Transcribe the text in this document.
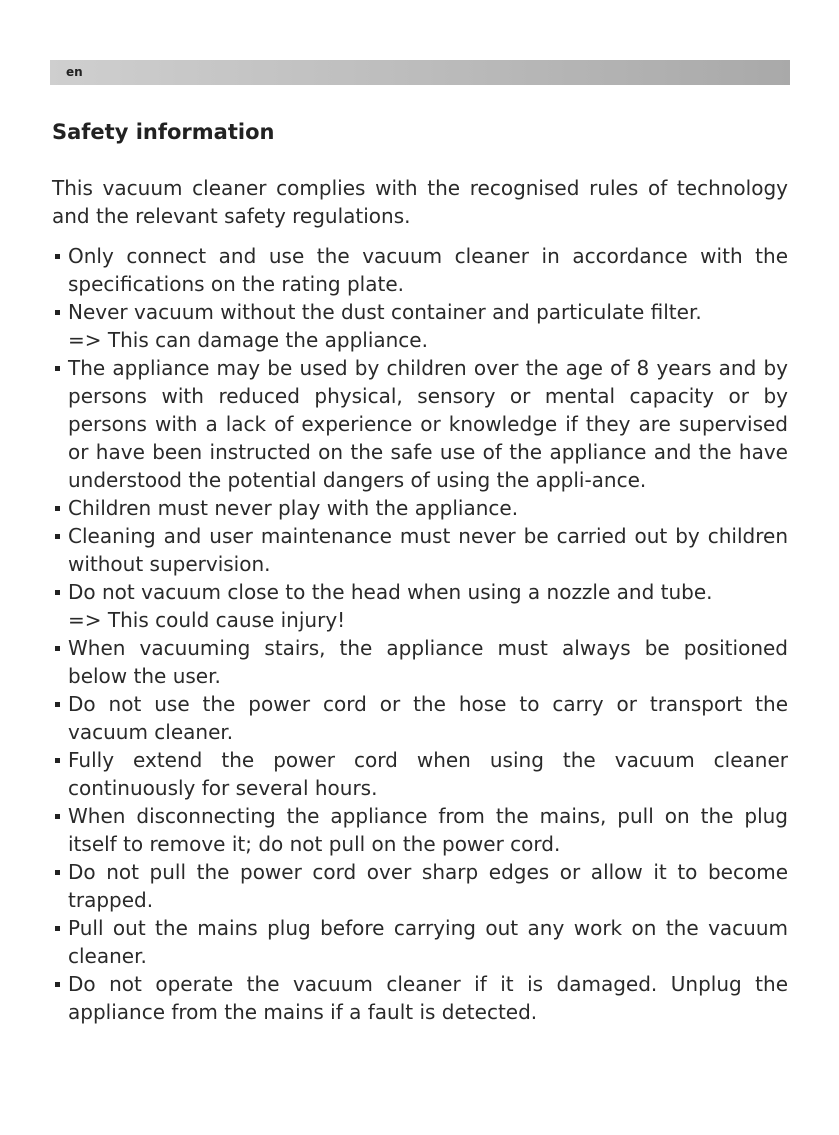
en
Safety information

This vacuum cleaner complies with the recognised rules of technology and the relevant safety regulations.

Only connect and use the vacuum cleaner in accordance with the specifications on the rating plate.
Never vacuum without the dust container and particulate filter.
=> This can damage the appliance.
The appliance may be used by children over the age of 8 years and by persons with reduced physical, sensory or mental capacity or by persons with a lack of experience or knowledge if they are supervised or have been instructed on the safe use of the appliance and the have understood the potential dangers of using the appli-ance.
Children must never play with the appliance.
Cleaning and user maintenance must never be carried out by children without supervision.
Do not vacuum close to the head when using a nozzle and tube.
=> This could cause injury!
When vacuuming stairs, the appliance must always be positioned below the user.
Do not use the power cord or the hose to carry or transport the vacuum cleaner.
Fully extend the power cord when using the vacuum cleaner continuously for several hours.
When disconnecting the appliance from the mains, pull on the plug itself to remove it; do not pull on the power cord.
Do not pull the power cord over sharp edges or allow it to become trapped.
Pull out the mains plug before carrying out any work on the vacuum cleaner.
Do not operate the vacuum cleaner if it is damaged. Unplug the appliance from the mains if a fault is detected.
